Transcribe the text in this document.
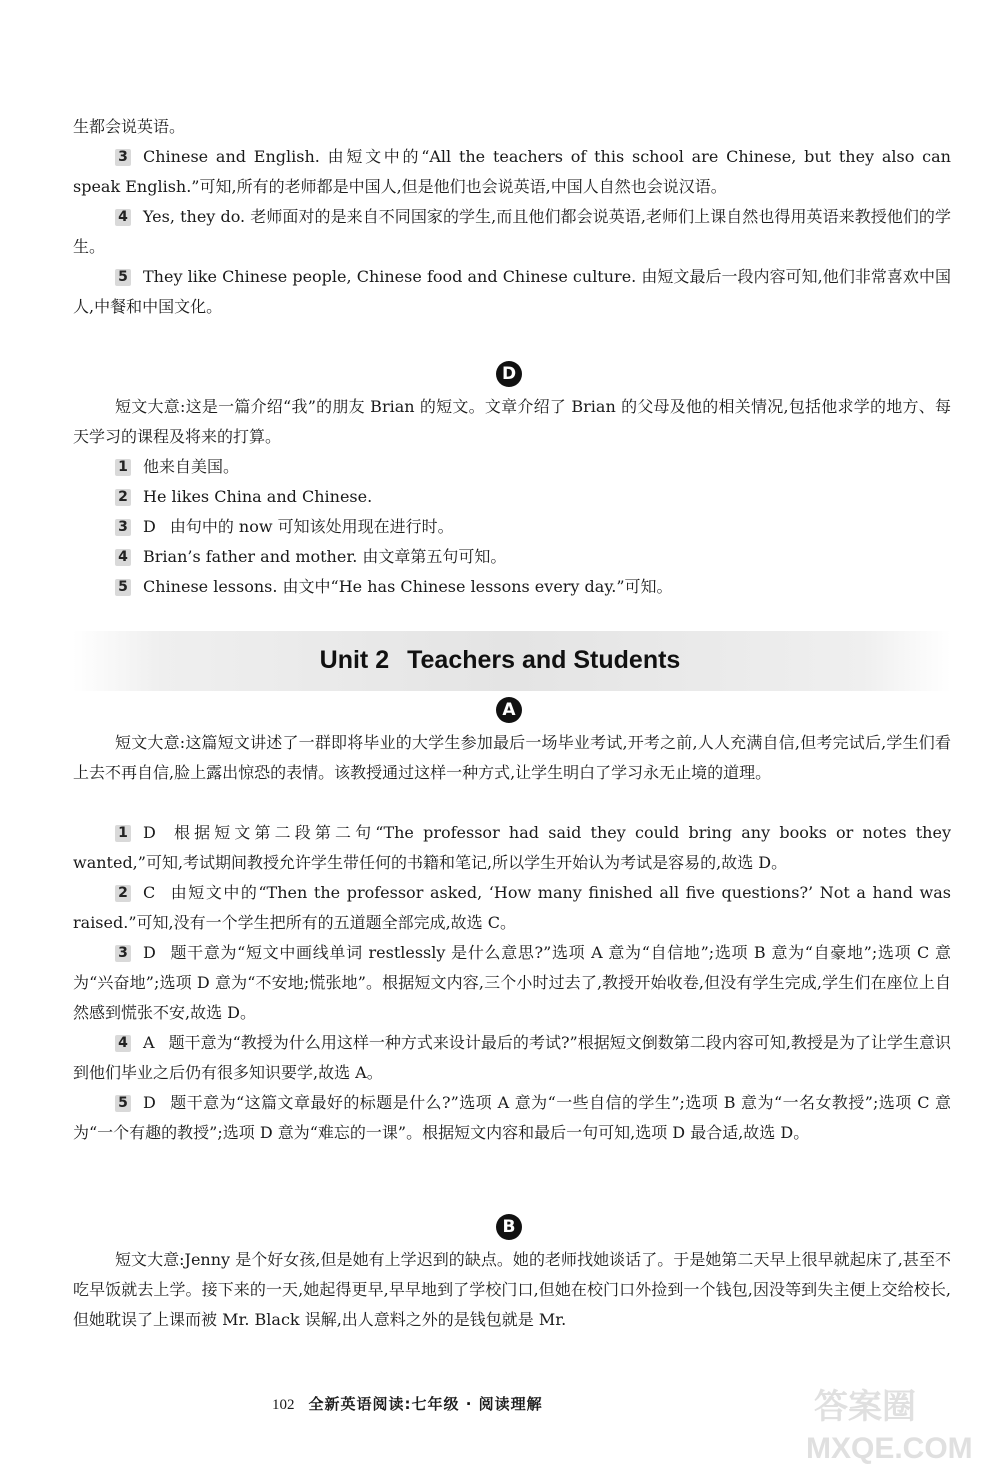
生都会说英语。

3 Chinese and English. 由短文中的“All the teachers of this school are Chinese, but they also can speak English.”可知,所有的老师都是中国人,但是他们也会说英语,中国人自然也会说汉语。

4 Yes, they do. 老师面对的是来自不同国家的学生,而且他们都会说英语,老师们上课自然也得用英语来教授他们的学生。

5 They like Chinese people, Chinese food and Chinese culture. 由短文最后一段内容可知,他们非常喜欢中国人,中餐和中国文化。

D

短文大意:这是一篇介绍“我”的朋友 Brian 的短文。文章介绍了 Brian 的父母及他的相关情况,包括他求学的地方、每天学习的课程及将来的打算。

1 他来自美国。

2 He likes China and Chinese.

3 D 由句中的 now 可知该处用现在进行时。

4 Brian’s father and mother. 由文章第五句可知。

5 Chinese lessons. 由文中“He has Chinese lessons every day.”可知。

Unit 2 Teachers and Students
A

短文大意:这篇短文讲述了一群即将毕业的大学生参加最后一场毕业考试,开考之前,人人充满自信,但考完试后,学生们看上去不再自信,脸上露出惊恐的表情。该教授通过这样一种方式,让学生明白了学习永无止境的道理。

1 D 根据短文第二段第二句“The professor had said they could bring any books or notes they wanted,”可知,考试期间教授允许学生带任何的书籍和笔记,所以学生开始认为考试是容易的,故选 D。

2 C 由短文中的“Then the professor asked, ‘How many finished all five questions?’ Not a hand was raised.”可知,没有一个学生把所有的五道题全部完成,故选 C。

3 D 题干意为“短文中画线单词 restlessly 是什么意思?”选项 A 意为“自信地”;选项 B 意为“自豪地”;选项 C 意为“兴奋地”;选项 D 意为“不安地;慌张地”。根据短文内容,三个小时过去了,教授开始收卷,但没有学生完成,学生们在座位上自然感到慌张不安,故选 D。

4 A 题干意为“教授为什么用这样一种方式来设计最后的考试?”根据短文倒数第二段内容可知,教授是为了让学生意识到他们毕业之后仍有很多知识要学,故选 A。

5 D 题干意为“这篇文章最好的标题是什么?”选项 A 意为“一些自信的学生”;选项 B 意为“一名女教授”;选项 C 意为“一个有趣的教授”;选项 D 意为“难忘的一课”。根据短文内容和最后一句可知,选项 D 最合适,故选 D。

B

短文大意:Jenny 是个好女孩,但是她有上学迟到的缺点。她的老师找她谈话了。于是她第二天早上很早就起床了,甚至不吃早饭就去上学。接下来的一天,她起得更早,早早地到了学校门口,但她在校门口外捡到一个钱包,因没等到失主便上交给校长,但她耽误了上课而被 Mr. Black 误解,出人意料之外的是钱包就是 Mr.

102 全新英语阅读:七年级 · 阅读理解	答案圈
MXQE.COM
